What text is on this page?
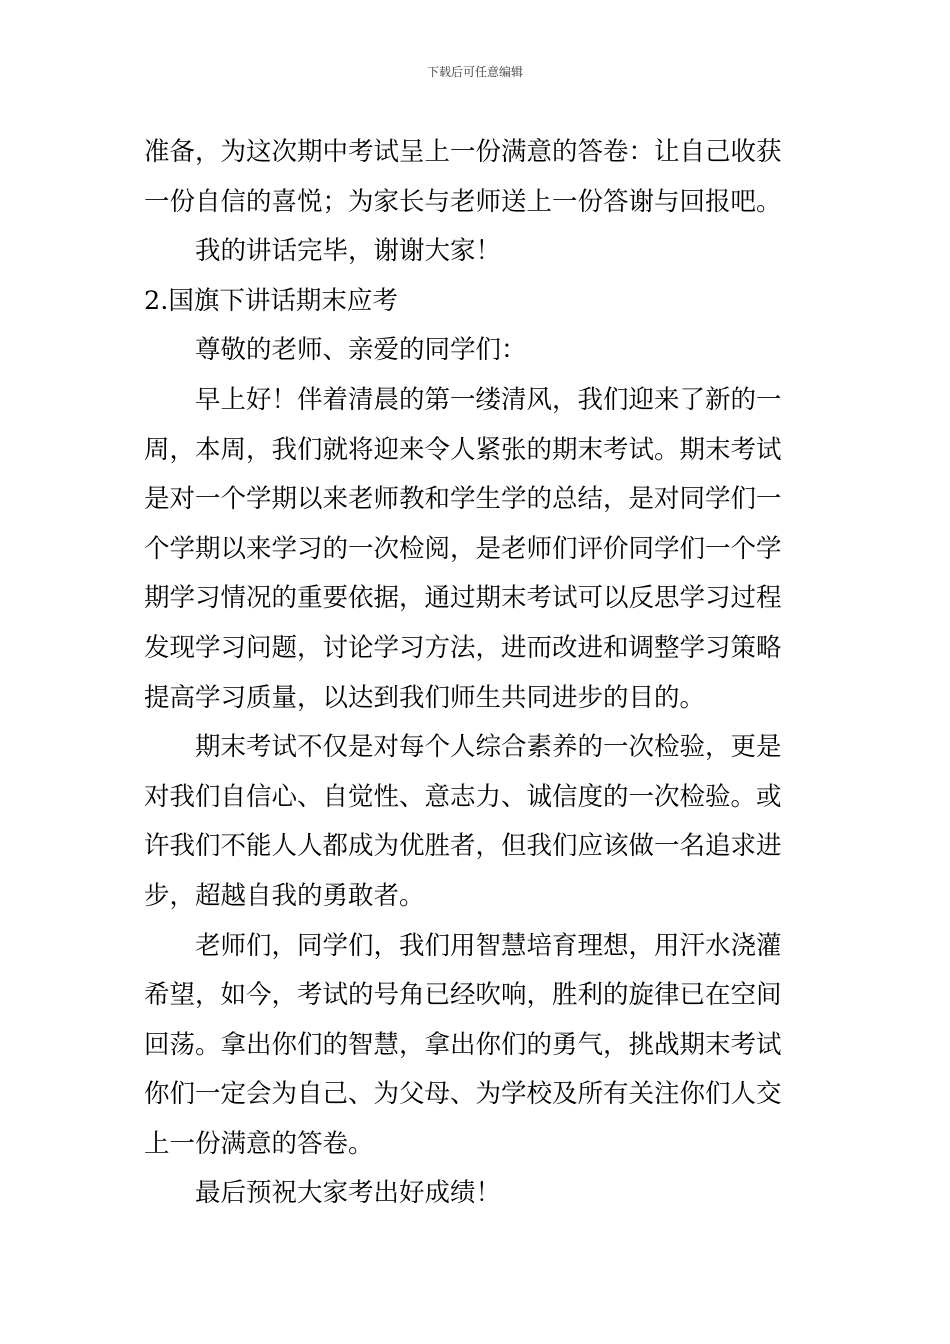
下载后可任意编辑
准备，为这次期中考试呈上一份满意的答卷：让自己收获
一份自信的喜悦；为家长与老师送上一份答谢与回报吧。
我的讲话完毕，谢谢大家！
2.国旗下讲话期末应考
尊敬的老师、亲爱的同学们：
早上好！伴着清晨的第一缕清风，我们迎来了新的一
周，本周，我们就将迎来令人紧张的期末考试。期末考试
是对一个学期以来老师教和学生学的总结，是对同学们一
个学期以来学习的一次检阅，是老师们评价同学们一个学
期学习情况的重要依据，通过期末考试可以反思学习过程
发现学习问题，讨论学习方法，进而改进和调整学习策略
提高学习质量，以达到我们师生共同进步的目的。
期末考试不仅是对每个人综合素养的一次检验，更是
对我们自信心、自觉性、意志力、诚信度的一次检验。或
许我们不能人人都成为优胜者，但我们应该做一名追求进
步，超越自我的勇敢者。
老师们，同学们，我们用智慧培育理想，用汗水浇灌
希望，如今，考试的号角已经吹响，胜利的旋律已在空间
回荡。拿出你们的智慧，拿出你们的勇气，挑战期末考试
你们一定会为自己、为父母、为学校及所有关注你们人交
上一份满意的答卷。
最后预祝大家考出好成绩！
